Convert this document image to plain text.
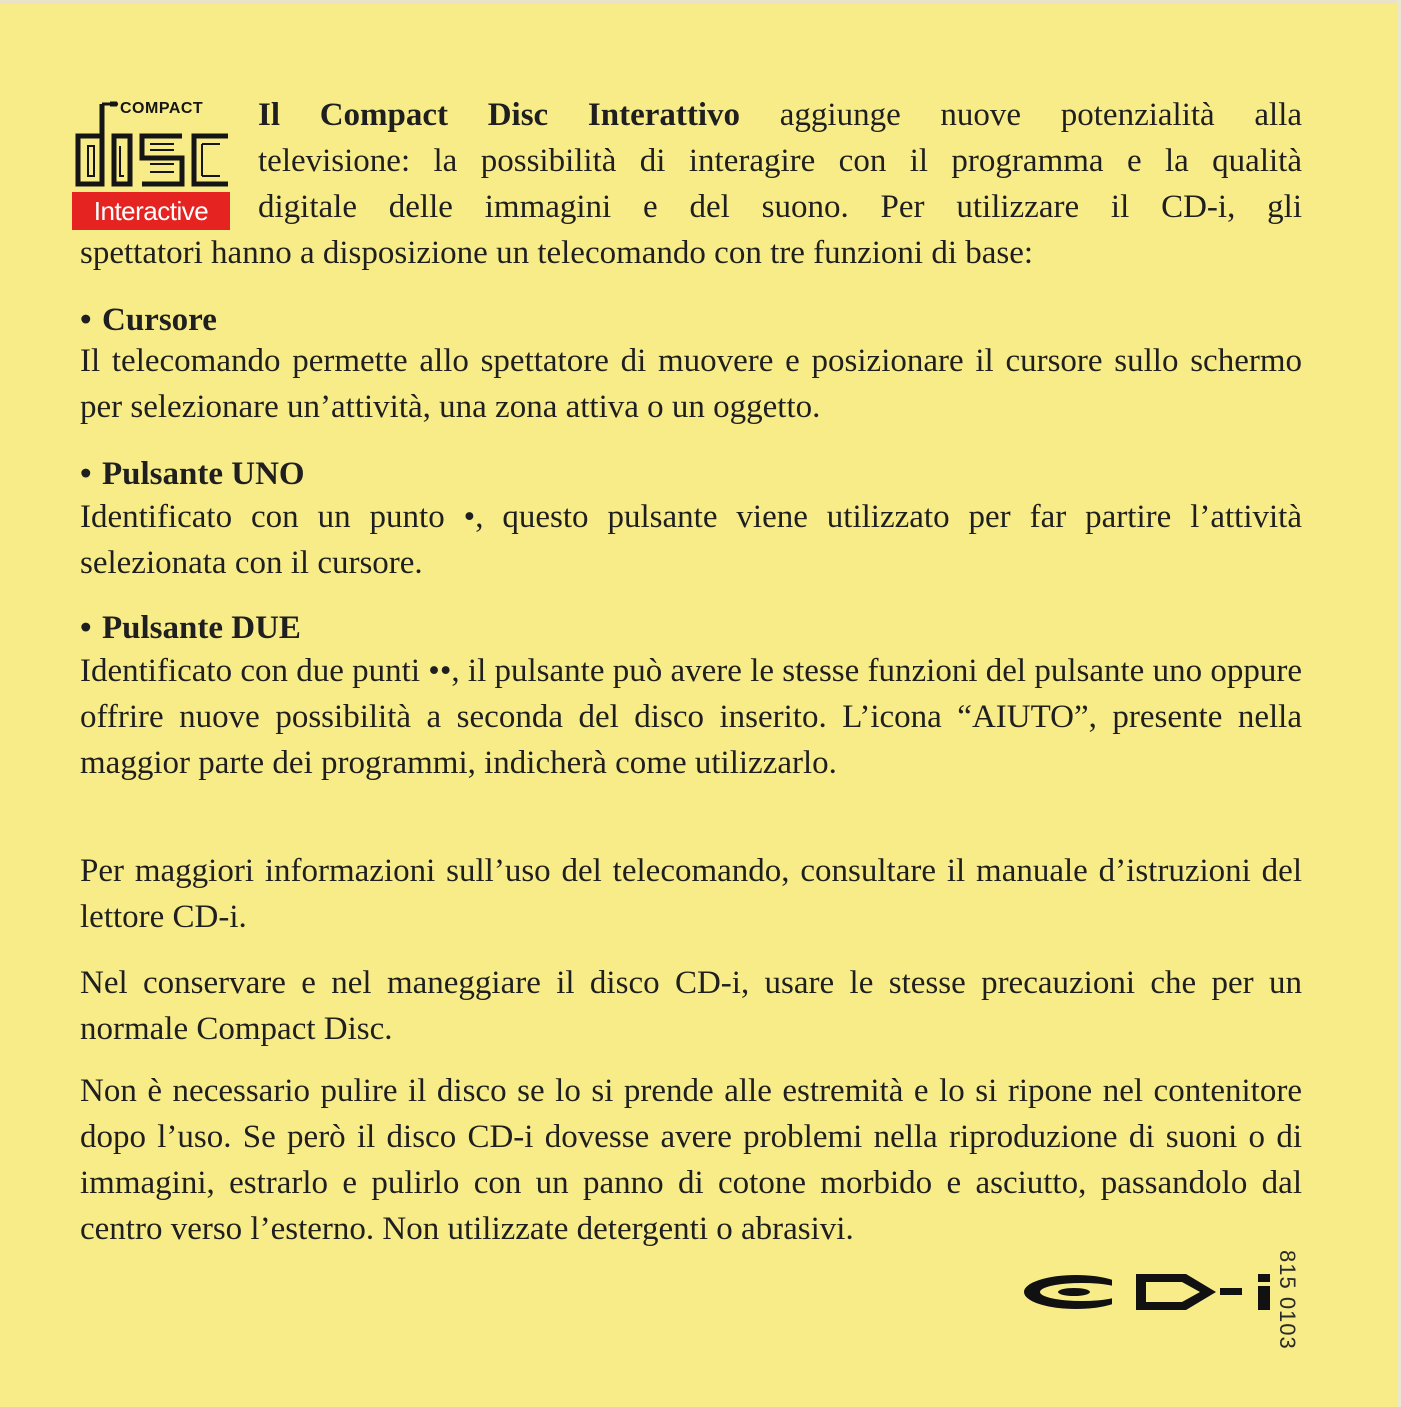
COMPACT
Interactive
Il Compact Disc Interattivo aggiunge nuove potenzialità alla
televisione: la possibilità di interagire con il programma e la qualità
digitale delle immagini e del suono. Per utilizzare il CD-i, gli
spettatori hanno a disposizione un telecomando con tre funzioni di base:
• Cursore
Il telecomando permette allo spettatore di muovere e posizionare il cursore sullo schermo per selezionare un’attività, una zona attiva o un oggetto.
• Pulsante UNO
Identificato con un punto •, questo pulsante viene utilizzato per far partire l’attività selezionata con il cursore.
• Pulsante DUE
Identificato con due punti ••, il pulsante può avere le stesse funzioni del pulsante uno oppure offrire nuove possibilità a seconda del disco inserito. L’icona “AIUTO”, presente nella maggior parte dei programmi, indicherà come utilizzarlo.
Per maggiori informazioni sull’uso del telecomando, consultare il manuale d’istruzioni del lettore CD-i.
Nel conservare e nel maneggiare il disco CD-i, usare le stesse precauzioni che per un normale Compact Disc.
Non è necessario pulire il disco se lo si prende alle estremità e lo si ripone nel contenitore dopo l’uso. Se però il disco CD-i dovesse avere problemi nella riproduzione di suoni o di immagini, estrarlo e pulirlo con un panno di cotone morbido e asciutto, passandolo dal centro verso l’esterno. Non utilizzate detergenti o abrasivi.
CD-i	815 0103
